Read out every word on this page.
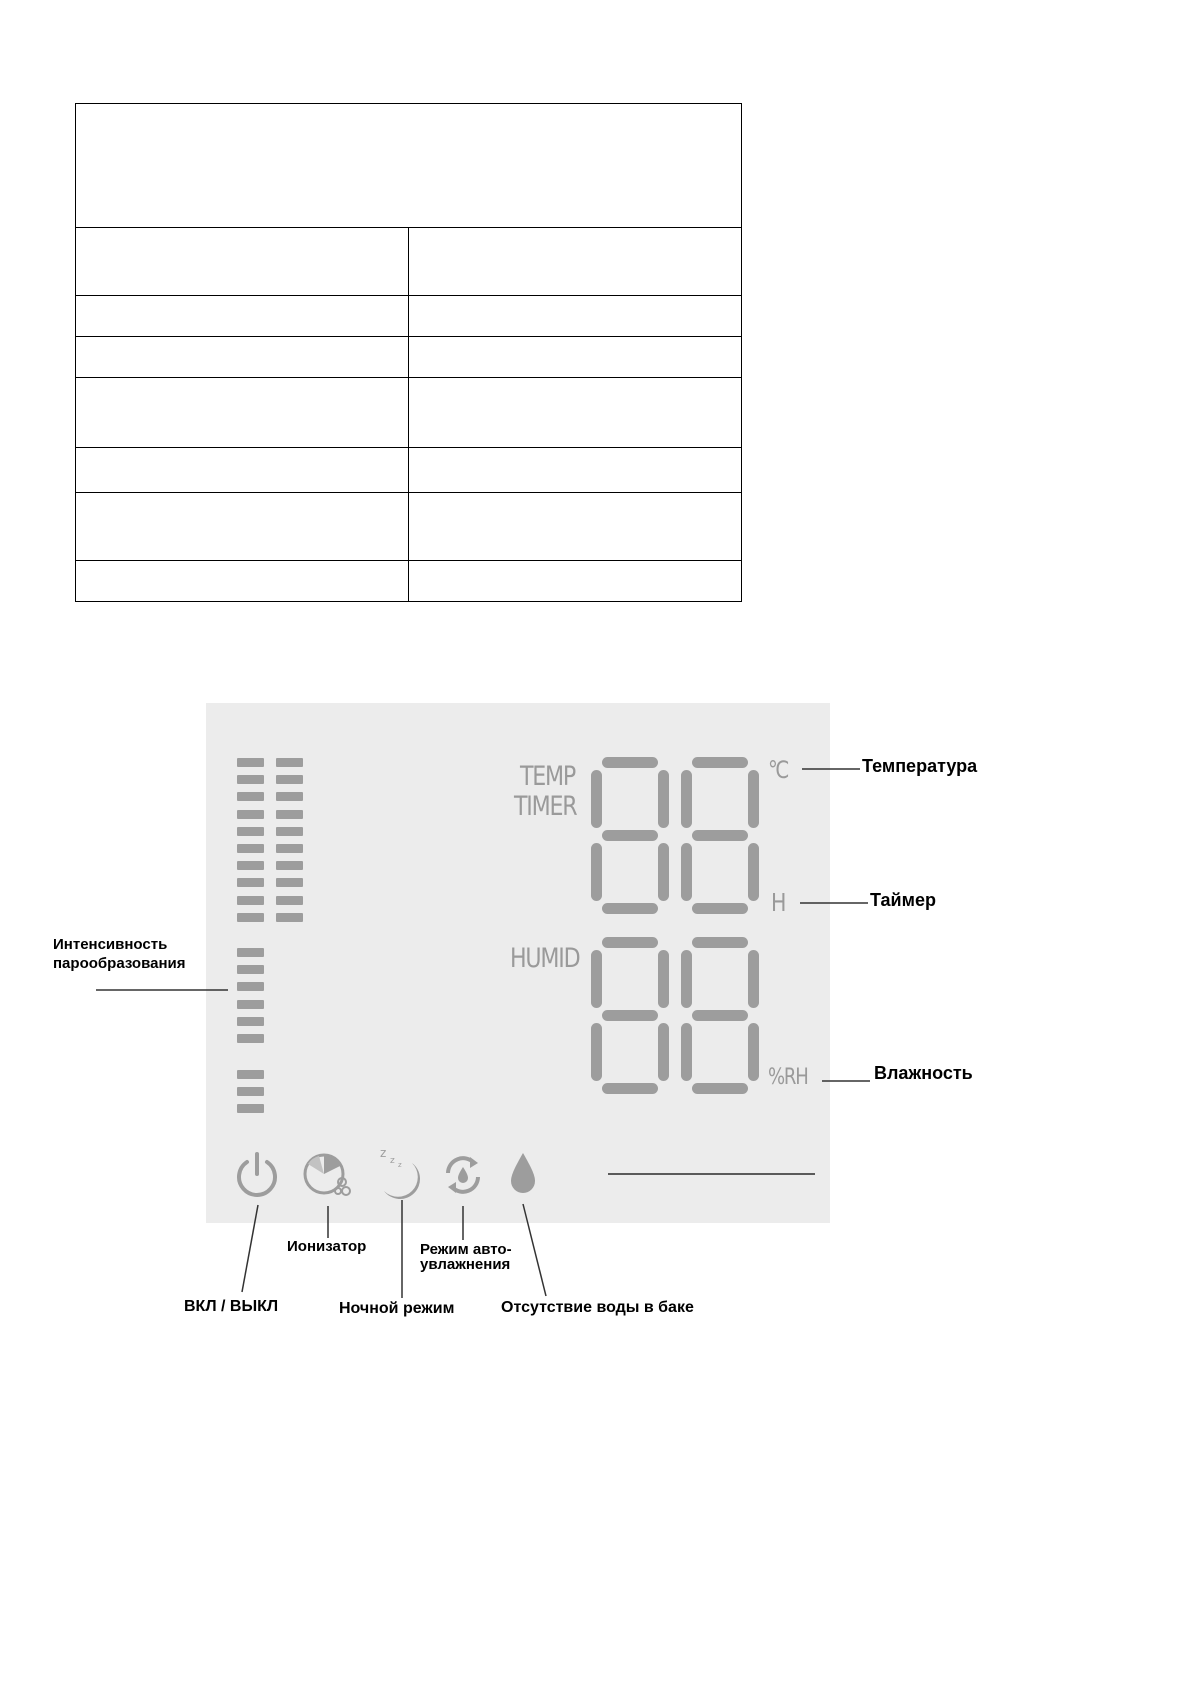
TEMP
TIMER
HUMID
°C
H
%RH
z
z z
Температура
Таймер
Влажность
Интенсивность
парообразования
Ионизатор	Режим авто-
увлажнения
ВКЛ / ВЫКЛ	Ночной режим	Отсутствие воды в баке
